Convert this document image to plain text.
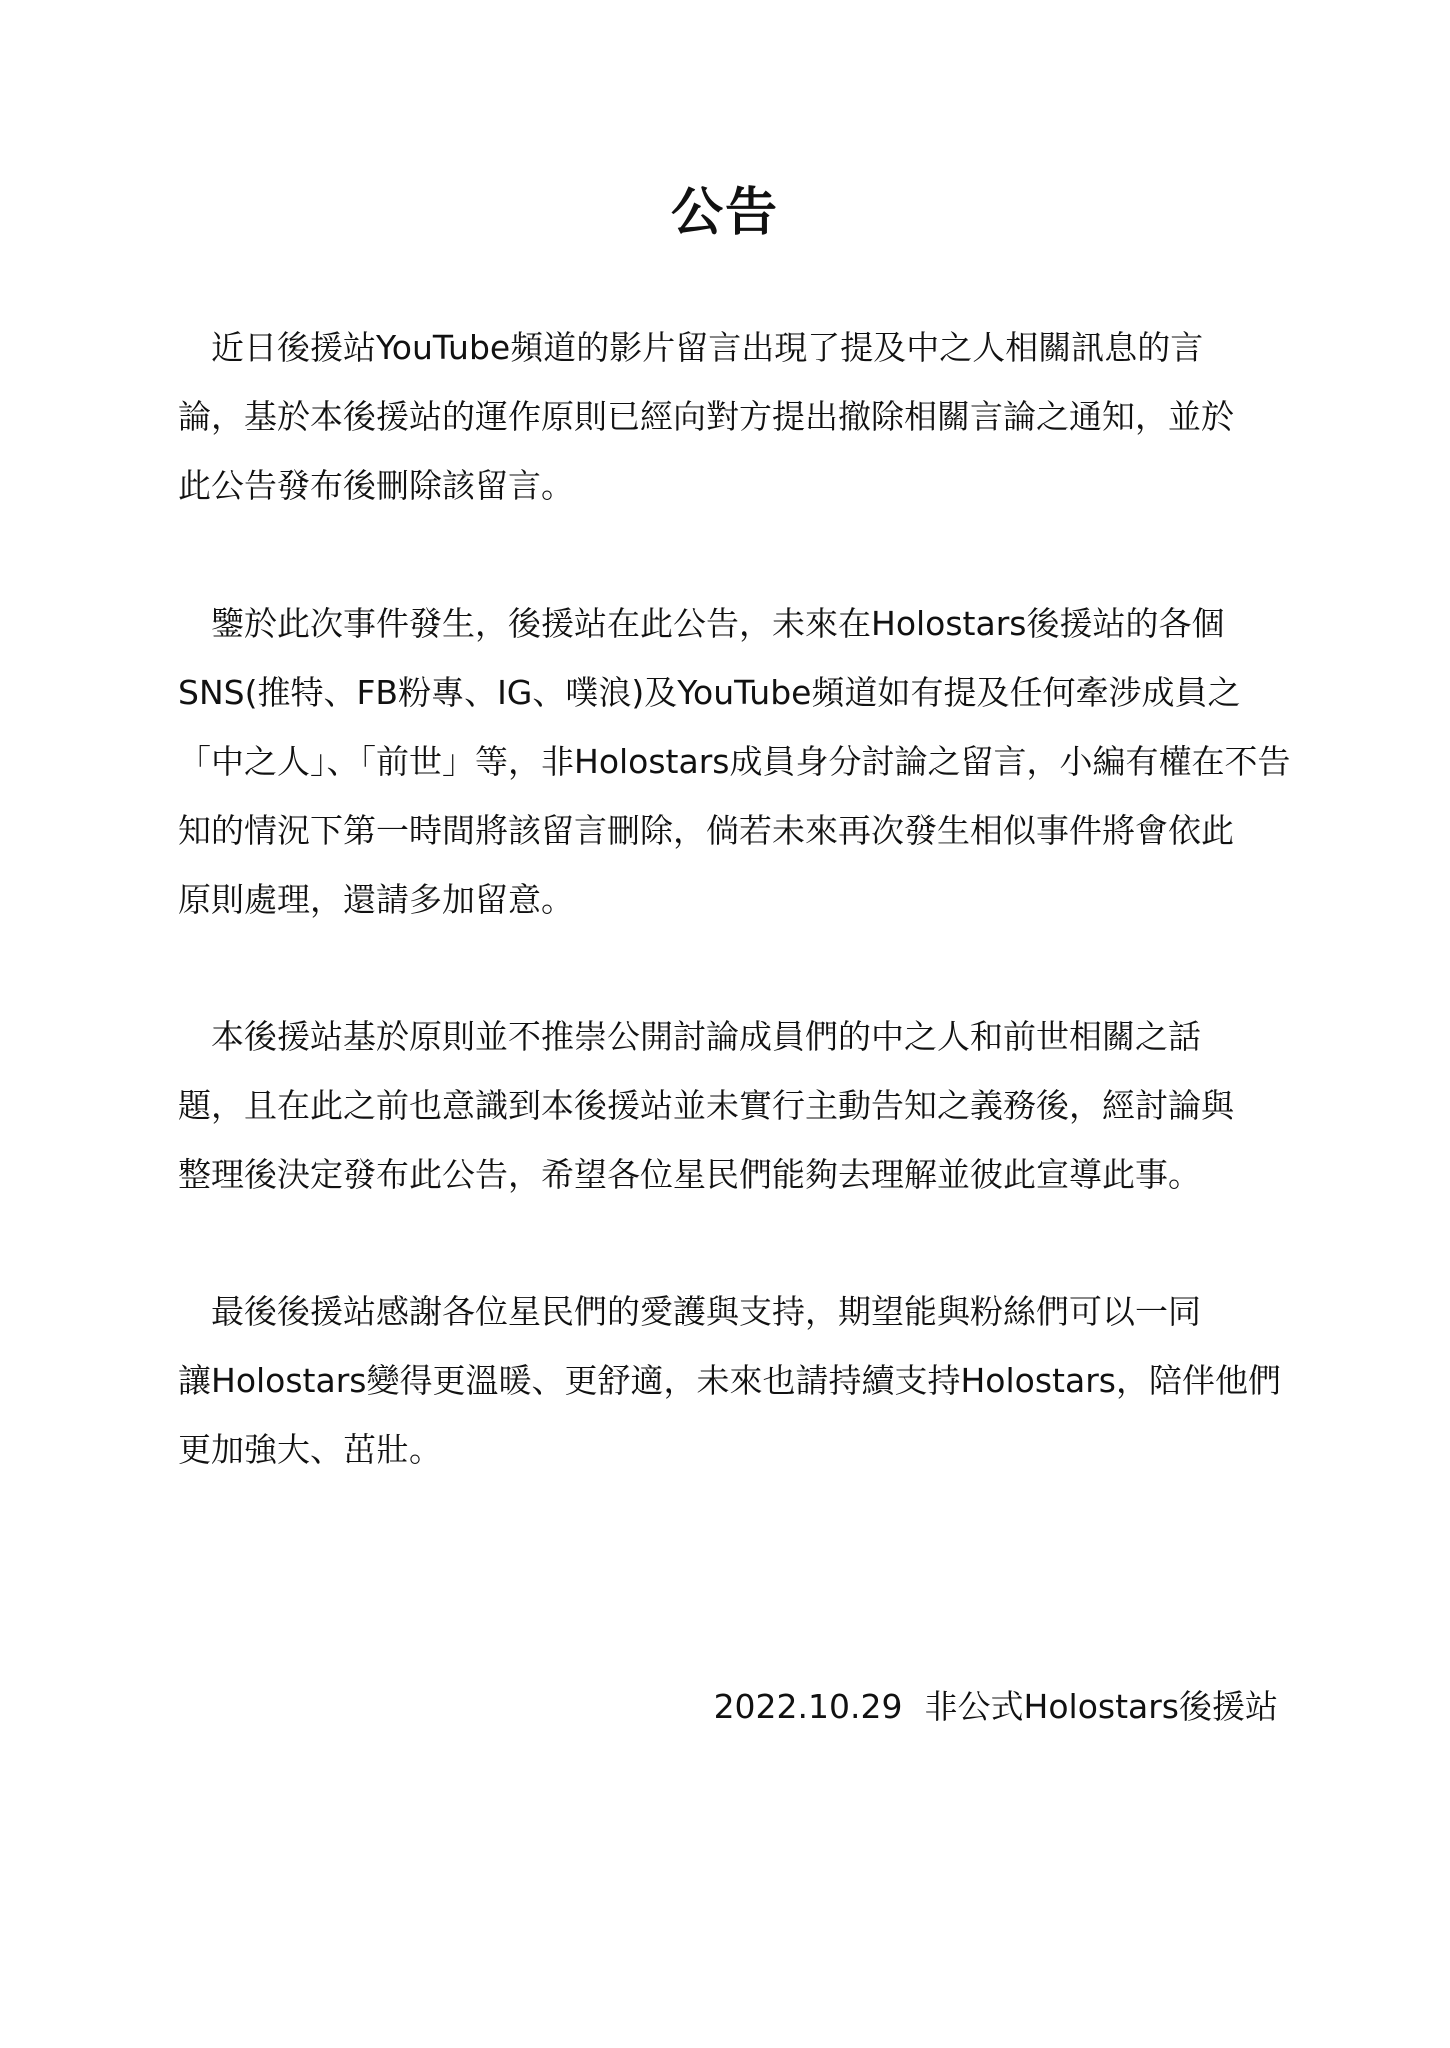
公告

　近日後援站YouTube頻道的影片留言出現了提及中之人相關訊息的言
論，基於本後援站的運作原則已經向對方提出撤除相關言論之通知，並於
此公告發布後刪除該留言。

　鑒於此次事件發生，後援站在此公告，未來在Holostars後援站的各個
SNS(推特、FB粉專、IG、噗浪)及YouTube頻道如有提及任何牽涉成員之
「中之人」、「前世」等，非Holostars成員身分討論之留言，小編有權在不告
知的情況下第一時間將該留言刪除，倘若未來再次發生相似事件將會依此
原則處理，還請多加留意。

　本後援站基於原則並不推崇公開討論成員們的中之人和前世相關之話
題，且在此之前也意識到本後援站並未實行主動告知之義務後，經討論與
整理後決定發布此公告，希望各位星民們能夠去理解並彼此宣導此事。

　最後後援站感謝各位星民們的愛護與支持，期望能與粉絲們可以一同
讓Holostars變得更溫暖、更舒適，未來也請持續支持Holostars，陪伴他們
更加強大、茁壯。

2022.10.29 非公式Holostars後援站
